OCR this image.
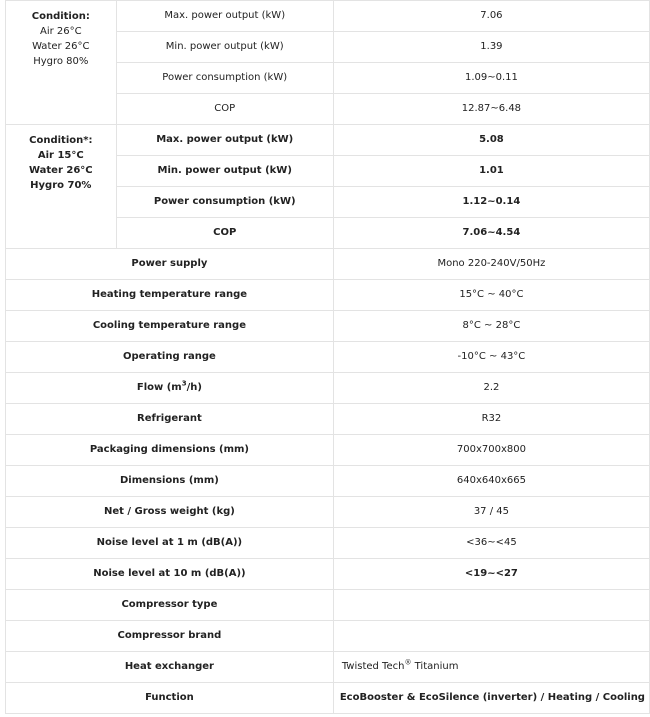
Condition:
Air 26°C
Water 26°C
Hygro 80%	Max. power output (kW)	7.06
	Min. power output (kW)	1.39
	Power consumption (kW)	1.09~0.11
	COP	12.87~6.48

Condition*:
Air 15°C
Water 26°C
Hygro 70%	Max. power output (kW)	5.08
	Min. power output (kW)	1.01
	Power consumption (kW)	1.12~0.14
	COP	7.06~4.54
Power supply		Mono 220-240V/50Hz
Heating temperature range		15°C ~ 40°C
Cooling temperature range		8°C ~ 28°C
Operating range		-10°C ~ 43°C
Flow $(m^3/h)$		2.2
Refrigerant		R32
Packaging dimensions (mm)		700x700x800
Dimensions (mm)		640x640x665
Net / Gross weight (kg)		37 / 45
Noise level at 1 m (dB(A))		<36~<45
Noise level at 10 m (dB(A))		<19~<27
Compressor type		
Compressor brand		
Heat exchanger		Twisted Tech® Titanium
Function		EcoBooster & EcoSilence (inverter) / Heating / Cooling
